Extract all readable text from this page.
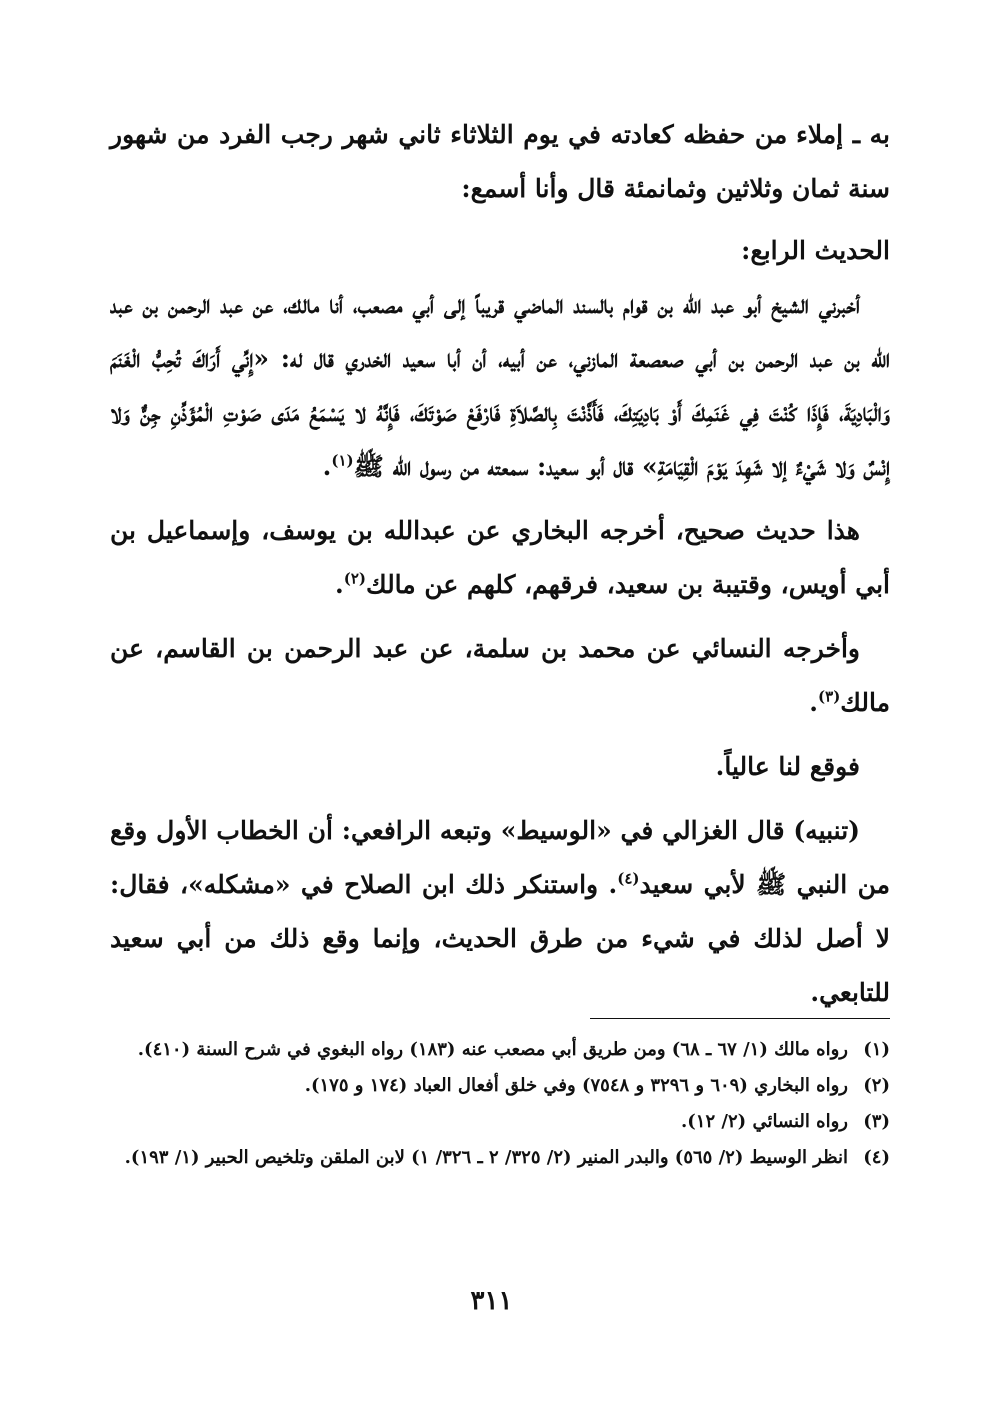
به ـ إملاء من حفظه كعادته في يوم الثلاثاء ثاني شهر رجب الفرد من شهور سنة ثمان وثلاثين وثمانمئة قال وأنا أسمع:

الحديث الرابع:

أخبرني الشيخ أبو عبد الله بن قوام بالسند الماضي قريباً إلى أبي مصعب، أنا مالك، عن عبد الرحمن بن عبد الله بن عبد الرحمن بن أبي صعصعة المازني، عن أبيه، أن أبا سعيد الخدري قال له: «إِنِّي أَرَاكَ تُحِبُّ الْغَنَمَ وَالْبَادِيَةَ، فَإِذَا كُنْتَ فِي غَنَمِكَ أَوْ بَادِيَتِكَ، فَأَذَّنْتَ بِالصَّلاَةِ فَارْفَعْ صَوْتَكَ، فَإِنَّهُ لا يَسْمَعُ مَدَى صَوْتِ الْمُؤَذِّنِ جِنٌّ وَلا إِنْسٌ وَلا شَيْءٌ إلا شَهِدَ يَوْمَ الْقِيَامَةِ» قال أبو سعيد: سمعته من رسول الله ﷺ$^{(١)}$.

هذا حديث صحيح، أخرجه البخاري عن عبدالله بن يوسف، وإسماعيل بن أبي أويس، وقتيبة بن سعيد، فرقهم، كلهم عن مالك$^{(٢)}$.

وأخرجه النسائي عن محمد بن سلمة، عن عبد الرحمن بن القاسم، عن مالك$^{(٣)}$.

فوقع لنا عالياً.

(تنبيه) قال الغزالي في «الوسيط» وتبعه الرافعي: أن الخطاب الأول وقع من النبي ﷺ لأبي سعيد$^{(٤)}$. واستنكر ذلك ابن الصلاح في «مشكله»، فقال: لا أصل لذلك في شيء من طرق الحديث، وإنما وقع ذلك من أبي سعيد للتابعي.

(١)
رواه مالك (١/ ٦٧ ـ ٦٨) ومن طريق أبي مصعب عنه (١٨٣) رواه البغوي في شرح السنة (٤١٠).

(٢)
رواه البخاري (٦٠٩ و ٣٢٩٦ و ٧٥٤٨) وفي خلق أفعال العباد (١٧٤ و ١٧٥).

(٣)
رواه النسائي (٢/ ١٢).

(٤)
انظر الوسيط (٢/ ٥٦٥) والبدر المنير (٢/ ٣٢٥/ ٢ ـ ٣٢٦/ ١) لابن الملقن وتلخيص الحبير (١/ ١٩٣).

٣١١
